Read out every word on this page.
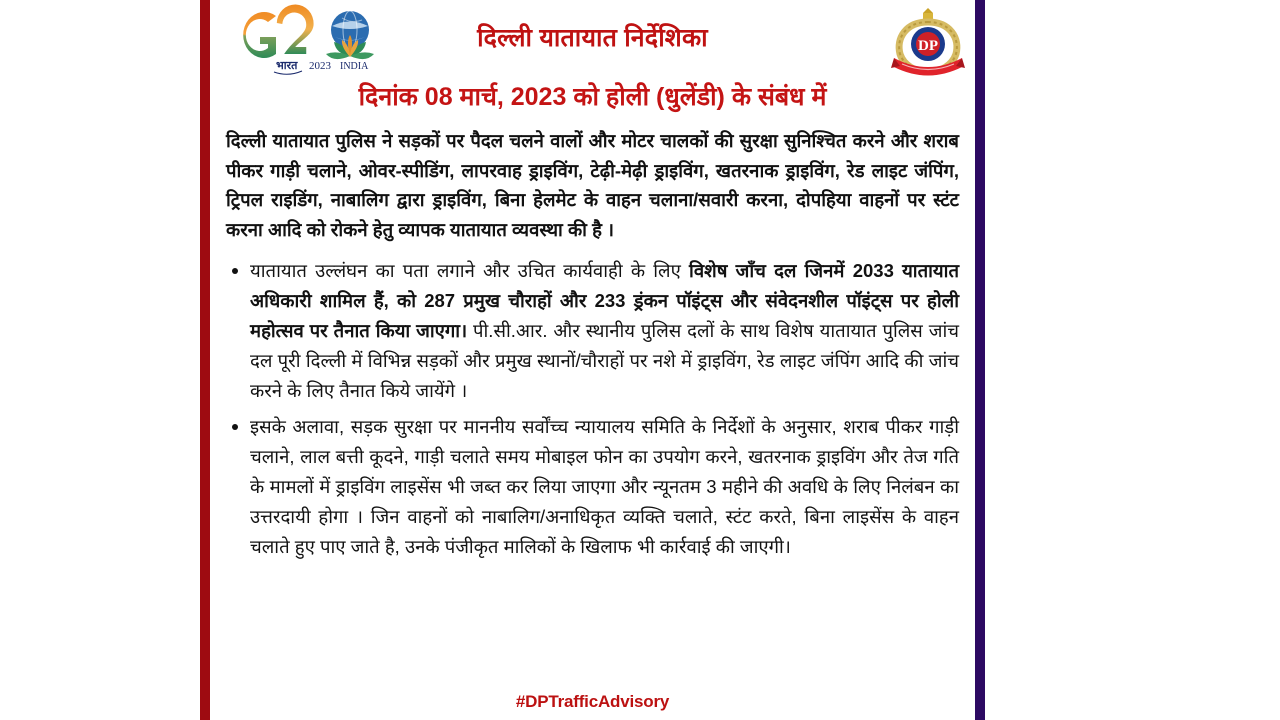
भारत 2023 INDIA
दिल्ली यातायात निर्देशिका
दिनांक 08 मार्च, 2023 को होली (धुलेंडी) के संबंध में
DP

दिल्ली यातायात पुलिस ने सड़कों पर पैदल चलने वालों और मोटर चालकों की सुरक्षा सुनिश्चित करने और शराब पीकर गाड़ी चलाने, ओवर-स्पीडिंग, लापरवाह ड्राइविंग, टेढ़ी-मेढ़ी ड्राइविंग, खतरनाक ड्राइविंग, रेड लाइट जंपिंग, ट्रिपल राइडिंग, नाबालिग द्वारा ड्राइविंग, बिना हेलमेट के वाहन चलाना/सवारी करना, दोपहिया वाहनों पर स्टंट करना आदि को रोकने हेतु व्यापक यातायात व्यवस्था की है ।

यातायात उल्लंघन का पता लगाने और उचित कार्यवाही के लिए विशेष जाँच दल जिनमें 2033 यातायात अधिकारी शामिल हैं, को 287 प्रमुख चौराहों और 233 ड्रंकन पॉइंट्स और संवेदनशील पॉइंट्स पर होली महोत्सव पर तैनात किया जाएगा। पी.सी.आर. और स्थानीय पुलिस दलों के साथ विशेष यातायात पुलिस जांच दल पूरी दिल्ली में विभिन्न सड़कों और प्रमुख स्थानों/चौराहों पर नशे में ड्राइविंग, रेड लाइट जंपिंग आदि की जांच करने के लिए तैनात किये जायेंगे ।
इसके अलावा, सड़क सुरक्षा पर माननीय सर्वोंच्च न्यायालय समिति के निर्देशों के अनुसार, शराब पीकर गाड़ी चलाने, लाल बत्ती कूदने, गाड़ी चलाते समय मोबाइल फोन का उपयोग करने, खतरनाक ड्राइविंग और तेज गति के मामलों में ड्राइविंग लाइसेंस भी जब्त कर लिया जाएगा और न्यूनतम 3 महीने की अवधि के लिए निलंबन का उत्तरदायी होगा । जिन वाहनों को नाबालिग/अनाधिकृत व्यक्ति चलाते, स्टंट करते, बिना लाइसेंस के वाहन चलाते हुए पाए जाते है, उनके पंजीकृत मालिकों के खिलाफ भी कार्रवाई की जाएगी।
#DPTrafficAdvisory
